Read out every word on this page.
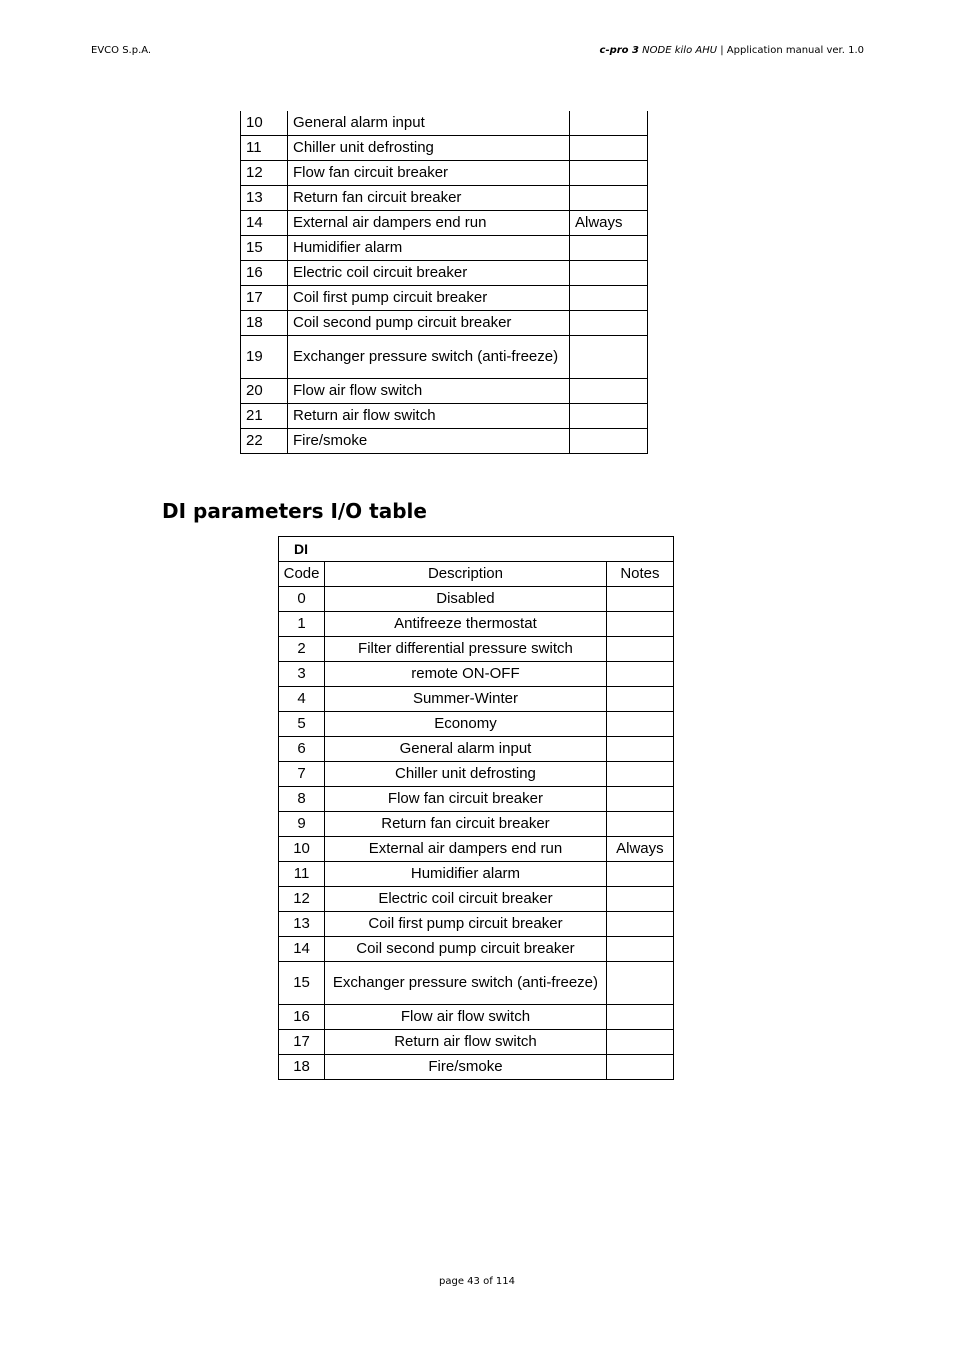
EVCO S.p.A.	c-pro 3 NODE kilo AHU | Application manual ver. 1.0
10	General alarm input	
11	Chiller unit defrosting	
12	Flow fan circuit breaker	
13	Return fan circuit breaker	
14	External air dampers end run	Always
15	Humidifier alarm	
16	Electric coil circuit breaker	
17	Coil first pump circuit breaker	
18	Coil second pump circuit breaker	
19	Exchanger pressure switch (anti-freeze)	
20	Flow air flow switch	
21	Return air flow switch	
22	Fire/smoke	
DI parameters I/O table
DI		
Code	Description	Notes
0	Disabled	
1	Antifreeze thermostat	
2	Filter differential pressure switch	
3	remote ON-OFF	
4	Summer-Winter	
5	Economy	
6	General alarm input	
7	Chiller unit defrosting	
8	Flow fan circuit breaker	
9	Return fan circuit breaker	
10	External air dampers end run	Always
11	Humidifier alarm	
12	Electric coil circuit breaker	
13	Coil first pump circuit breaker	
14	Coil second pump circuit breaker	
15	Exchanger pressure switch (anti-freeze)	
16	Flow air flow switch	
17	Return air flow switch	
18	Fire/smoke	
page 43 of 114
